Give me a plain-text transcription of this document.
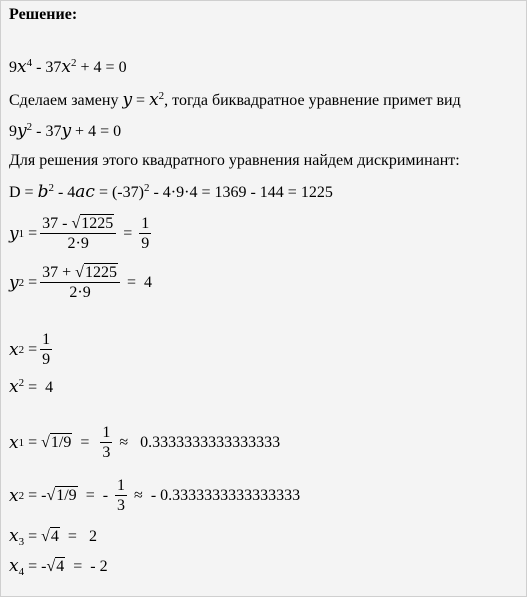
Решение:
$9x^4 - 37x^2 + 4 = 0$
Сделаем замену $y = x^2$, тогда биквадратное уравнение примет вид
$9y^2 - 37y + 4 = 0$
Для решения этого квадратного уравнения найдем дискриминант:
$D = b^2 - 4ac = (-37)^2 - 4\cdot 9\cdot 4 = 1369 - 144 = 1225$
y $1 = \frac{37 - √1225}{2\cdot 9} = \frac{1}{9}$
y $2 = \frac{37 + √1225}{2\cdot 9} = 4$
x $2 = \frac{1}{9}$
$x^2 = 4$
x $1 = √1/9 = \frac{1}{3} \approx 0.3333333333333333$
x 2 = - √1/9 =  - $\frac{1}{3}$ ≈ - 0.3333333333333333
$x_3 = √4 = 2$
$x_4 = -√4$  =  - 2
